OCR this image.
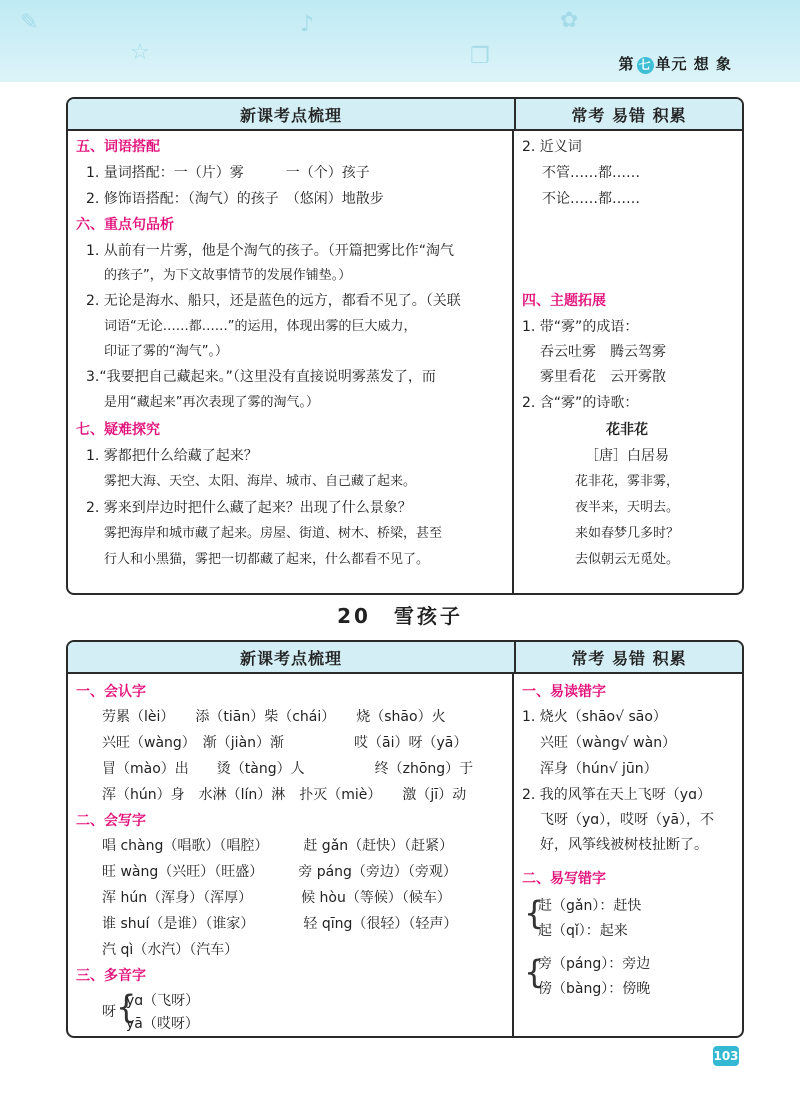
✎
☆
♪
❐
✿
第 七 单元 想 象
新课考点梳理	常考 易错 积累
五、词语搭配
1. 量词搭配：一（片）雾　　　一（个）孩子
2. 修饰语搭配：（淘气）的孩子　（悠闲）地散步
六、重点句品析
1. 从前有一片雾，他是个淘气的孩子。（开篇把雾比作“淘气
的孩子”，为下文故事情节的发展作铺垫。）
2. 无论是海水、船只，还是蓝色的远方，都看不见了。（关联
词语“无论……都……”的运用，体现出雾的巨大威力，
印证了雾的“淘气”。）
3.“我要把自己藏起来。”（这里没有直接说明雾蒸发了，而
是用“藏起来”再次表现了雾的淘气。）
七、疑难探究
1. 雾都把什么给藏了起来？
雾把大海、天空、太阳、海岸、城市、自己藏了起来。
2. 雾来到岸边时把什么藏了起来？出现了什么景象？
雾把海岸和城市藏了起来。房屋、街道、树木、桥梁，甚至
行人和小黑猫，雾把一切都藏了起来，什么都看不见了。
2. 近义词
不管……都……
不论……都……
四、主题拓展
1. 带“雾”的成语：
吞云吐雾　腾云驾雾
雾里看花　云开雾散
2. 含“雾”的诗歌：
花非花
［唐］白居易
花非花，雾非雾，
夜半来，天明去。
来如春梦几多时？
去似朝云无觅处。
20　 雪孩子
新课考点梳理	常考 易错 积累
一、会认字
劳累（lèi）　　添（tiān）柴（chái）　　烧（shāo）火
兴旺（wàng）　渐（jiàn）渐　　　　　哎（āi）呀（yā）
冒（mào）出　　烫（tàng）人　　　　　终（zhōng）于
浑（hún）身　水淋（lín）淋　扑灭（miè）　　激（jī）动
二、会写字
唱 chàng（唱歌）（唱腔）　　　赶 gǎn（赶快）（赶紧）
旺 wàng（兴旺）（旺盛）　　　旁 páng（旁边）（旁观）
浑 hún（浑身）（浑厚）　　　　候 hòu（等候）（候车）
谁 shuí（是谁）（谁家）　　　　轻 qīng（很轻）（轻声）
汽 qì（水汽）（汽车）
三、多音字
呀 {
yɑ（飞呀）
yā（哎呀）
一、易读错字
1. 烧火（shāo√ sāo）
兴旺（wàng√ wàn）
浑身（hún√ jūn）
2. 我的风筝在天上飞呀（yɑ）
飞呀（yɑ），哎呀（yā），不
好，风筝线被树枝扯断了。
二、易写错字
{
赶（gǎn）：赶快
起（qǐ）：起来
{
旁（páng）：旁边
傍（bàng）：傍晚
103
